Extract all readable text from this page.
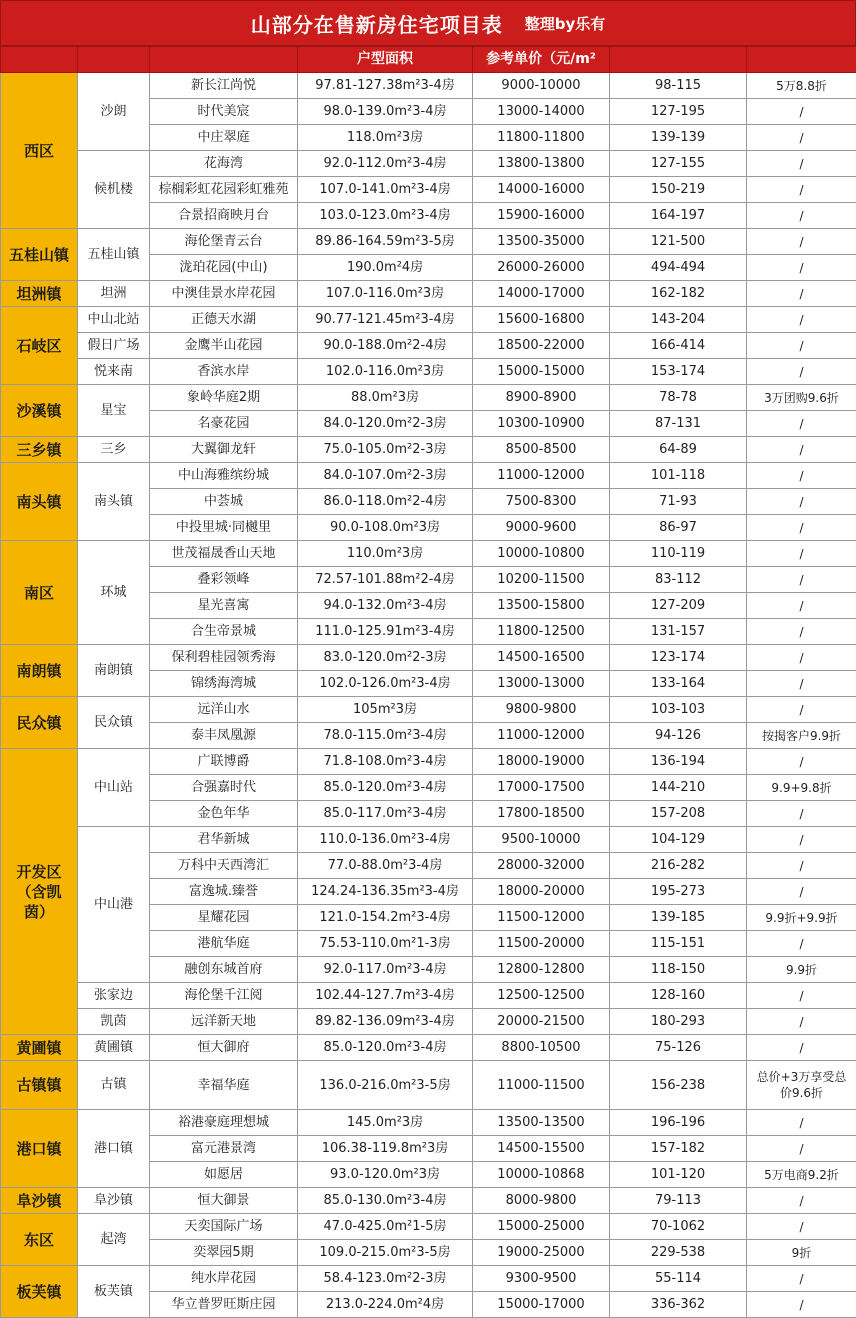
山部分在售新房住宅项目表 整理by乐有
			户型面积	参考单价（元/m²		
西区	沙朗	新长江尚悦	97.81-127.38m²3-4房	9000-10000	98-115	5万8.8折
		时代美宸	98.0-139.0m²3-4房	13000-14000	127-195	/
		中庄翠庭	118.0m²3房	11800-11800	139-139	/
	候机楼	花海湾	92.0-112.0m²3-4房	13800-13800	127-155	/
		棕榈彩虹花园彩虹雅苑	107.0-141.0m²3-4房	14000-16000	150-219	/
		合景招商映月台	103.0-123.0m²3-4房	15900-16000	164-197	/
五桂山镇	五桂山镇	海伦堡青云台	89.86-164.59m²3-5房	13500-35000	121-500	/
		泷珀花园(中山)	190.0m²4房	26000-26000	494-494	/
坦洲镇	坦洲	中澳佳景水岸花园	107.0-116.0m²3房	14000-17000	162-182	/
石岐区	中山北站	正德天水湖	90.77-121.45m²3-4房	15600-16800	143-204	/
	假日广场	金鹰半山花园	90.0-188.0m²2-4房	18500-22000	166-414	/
	悦来南	香滨水岸	102.0-116.0m²3房	15000-15000	153-174	/
沙溪镇	星宝	象岭华庭2期	88.0m²3房	8900-8900	78-78	3万团购9.6折
		名豪花园	84.0-120.0m²2-3房	10300-10900	87-131	/
三乡镇	三乡	大翼御龙轩	75.0-105.0m²2-3房	8500-8500	64-89	/
南头镇	南头镇	中山海雅缤纷城	84.0-107.0m²2-3房	11000-12000	101-118	/
		中荟城	86.0-118.0m²2-4房	7500-8300	71-93	/
		中投里城·同樾里	90.0-108.0m²3房	9000-9600	86-97	/
南区	环城	世茂福晟香山天地	110.0m²3房	10000-10800	110-119	/
		叠彩领峰	72.57-101.88m²2-4房	10200-11500	83-112	/
		星光喜寓	94.0-132.0m²3-4房	13500-15800	127-209	/
		合生帝景城	111.0-125.91m²3-4房	11800-12500	131-157	/
南朗镇	南朗镇	保利碧桂园领秀海	83.0-120.0m²2-3房	14500-16500	123-174	/
		锦绣海湾城	102.0-126.0m²3-4房	13000-13000	133-164	/
民众镇	民众镇	远洋山水	105m²3房	9800-9800	103-103	/
		泰丰凤凰源	78.0-115.0m²3-4房	11000-12000	94-126	按揭客户9.9折
开发区（含凯茵）	中山站	广联博爵	71.8-108.0m²3-4房	18000-19000	136-194	/
		合强嘉时代	85.0-120.0m²3-4房	17000-17500	144-210	9.9+9.8折
		金色年华	85.0-117.0m²3-4房	17800-18500	157-208	/
	中山港	君华新城	110.0-136.0m²3-4房	9500-10000	104-129	/
		万科中天西湾汇	77.0-88.0m²3-4房	28000-32000	216-282	/
		富逸城.臻誉	124.24-136.35m²3-4房	18000-20000	195-273	/
		星耀花园	121.0-154.2m²3-4房	11500-12000	139-185	9.9折+9.9折
		港航华庭	75.53-110.0m²1-3房	11500-20000	115-151	/
		融创东城首府	92.0-117.0m²3-4房	12800-12800	118-150	9.9折
	张家边	海伦堡千江阅	102.44-127.7m²3-4房	12500-12500	128-160	/
	凯茵	远洋新天地	89.82-136.09m²3-4房	20000-21500	180-293	/
黄圃镇	黄圃镇	恒大御府	85.0-120.0m²3-4房	8800-10500	75-126	/
古镇镇	古镇	幸福华庭	136.0-216.0m²3-5房	11000-11500	156-238	总价+3万享受总价9.6折
港口镇	港口镇	裕港豪庭理想城	145.0m²3房	13500-13500	196-196	/
		富元港景湾	106.38-119.8m²3房	14500-15500	157-182	/
		如愿居	93.0-120.0m²3房	10000-10868	101-120	5万电商9.2折
阜沙镇	阜沙镇	恒大御景	85.0-130.0m²3-4房	8000-9800	79-113	/
东区	起湾	天奕国际广场	47.0-425.0m²1-5房	15000-25000	70-1062	/
		奕翠园5期	109.0-215.0m²3-5房	19000-25000	229-538	9折
板芙镇	板芙镇	纯水岸花园	58.4-123.0m²2-3房	9300-9500	55-114	/
		华立普罗旺斯庄园	213.0-224.0m²4房	15000-17000	336-362	/
